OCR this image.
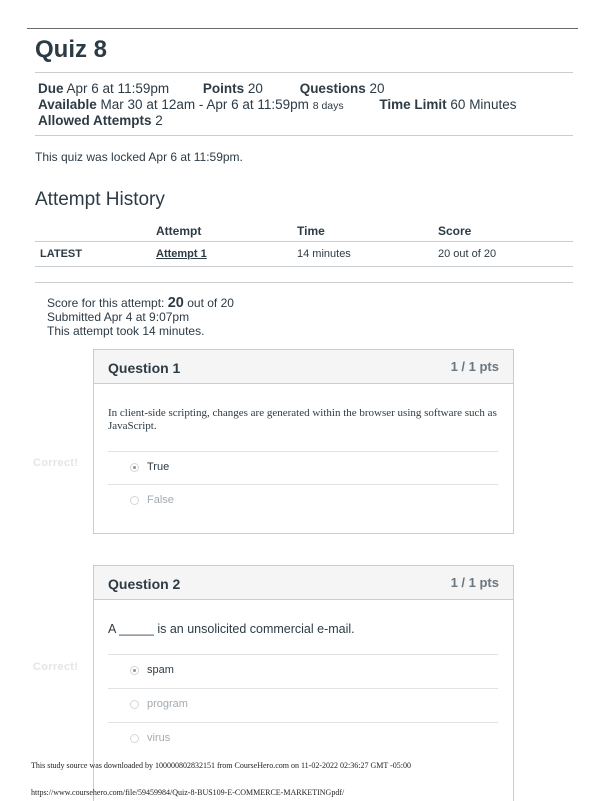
Quiz 8
Due Apr 6 at 11:59pm	Points 20	Questions 20
Available Mar 30 at 12am - Apr 6 at 11:59pm 8 days	Time Limit 60 Minutes
Allowed Attempts 2
This quiz was locked Apr 6 at 11:59pm.
Attempt History
	Attempt	Time	Score
LATEST	Attempt 1	14 minutes	20 out of 20
Score for this attempt: 20 out of 20
Submitted Apr 4 at 9:07pm
This attempt took 14 minutes.
Correct!
Question 1	1 / 1 pts
In client-side scripting, changes are generated within the browser using software such as JavaScript.
True
False
Correct!
Question 2	1 / 1 pts
A _____ is an unsolicited commercial e-mail.
spam
program
virus
This study source was downloaded by 100000802832151 from CourseHero.com on 11-02-2022 02:36:27 GMT -05:00
https://www.coursehero.com/file/59459984/Quiz-8-BUS109-E-COMMERCE-MARKETINGpdf/
